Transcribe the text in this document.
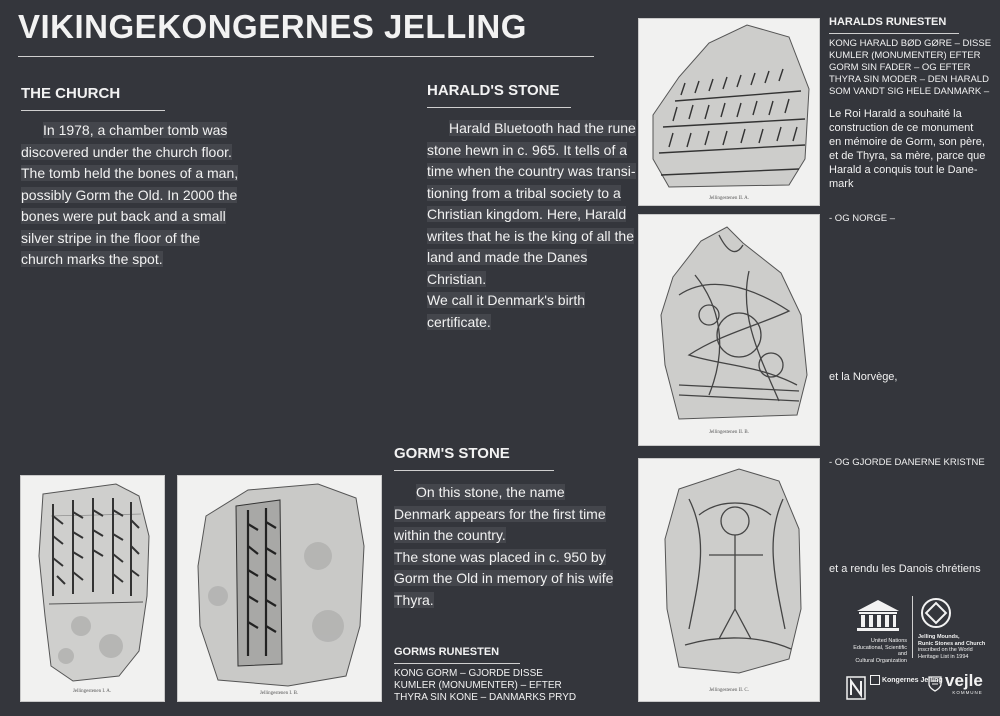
VIKINGEKONGERNES JELLING
THE CHURCH

In 1978, a chamber tomb was

discovered under the church floor.

The tomb held the bones of a man,

possibly Gorm the Old. In 2000 the

bones were put back and a small

silver stripe in the floor of the

church marks the spot.

HARALD'S STONE

Harald Bluetooth had the rune

stone hewn in c. 965. It tells of a

time when the country was transi-

tioning from a tribal society to a

Christian kingdom. Here, Harald

writes that he is the king of all the

land and made the Danes Christian.

We call it Denmark's birth

certificate.

GORM'S STONE

On this stone, the name

Denmark appears for the first time

within the country.

The stone was placed in c. 950 by

Gorm the Old in memory of his wife

Thyra.

GORMS RUNESTEN
KONG GORM – GJORDE DISSE
KUMLER (MONUMENTER) – EFTER
THYRA SIN KONE – DANMARKS PRYD
HARALDS RUNESTEN
KONG HARALD BØD GØRE – DISSE
KUMLER (MONUMENTER) EFTER
GORM SIN FADER – OG EFTER
THYRA SIN MODER – DEN HARALD
SOM VANDT SIG HELE DANMARK –
Le Roi Harald a souhaité la
construction de ce monument
en mémoire de Gorm, son père,
et de Thyra, sa mère, parce que
Harald a conquis tout le Dane-
mark
- OG NORGE –
et la Norvège,
- OG GJORDE DANERNE KRISTNE
et a rendu les Danois chrétiens
Jellingestenen I. A.	Jellingestenen I. B.
Jellingestenen II. A.
Jellingestenen II. B.
Jellingestenen II. C.
United Nations
Educational, Scientific and
Cultural Organization
Jelling Mounds,
Runic Stones and Church
inscribed on the World
Heritage List in 1994
Kongernes Jelling vejle
KOMMUNE
